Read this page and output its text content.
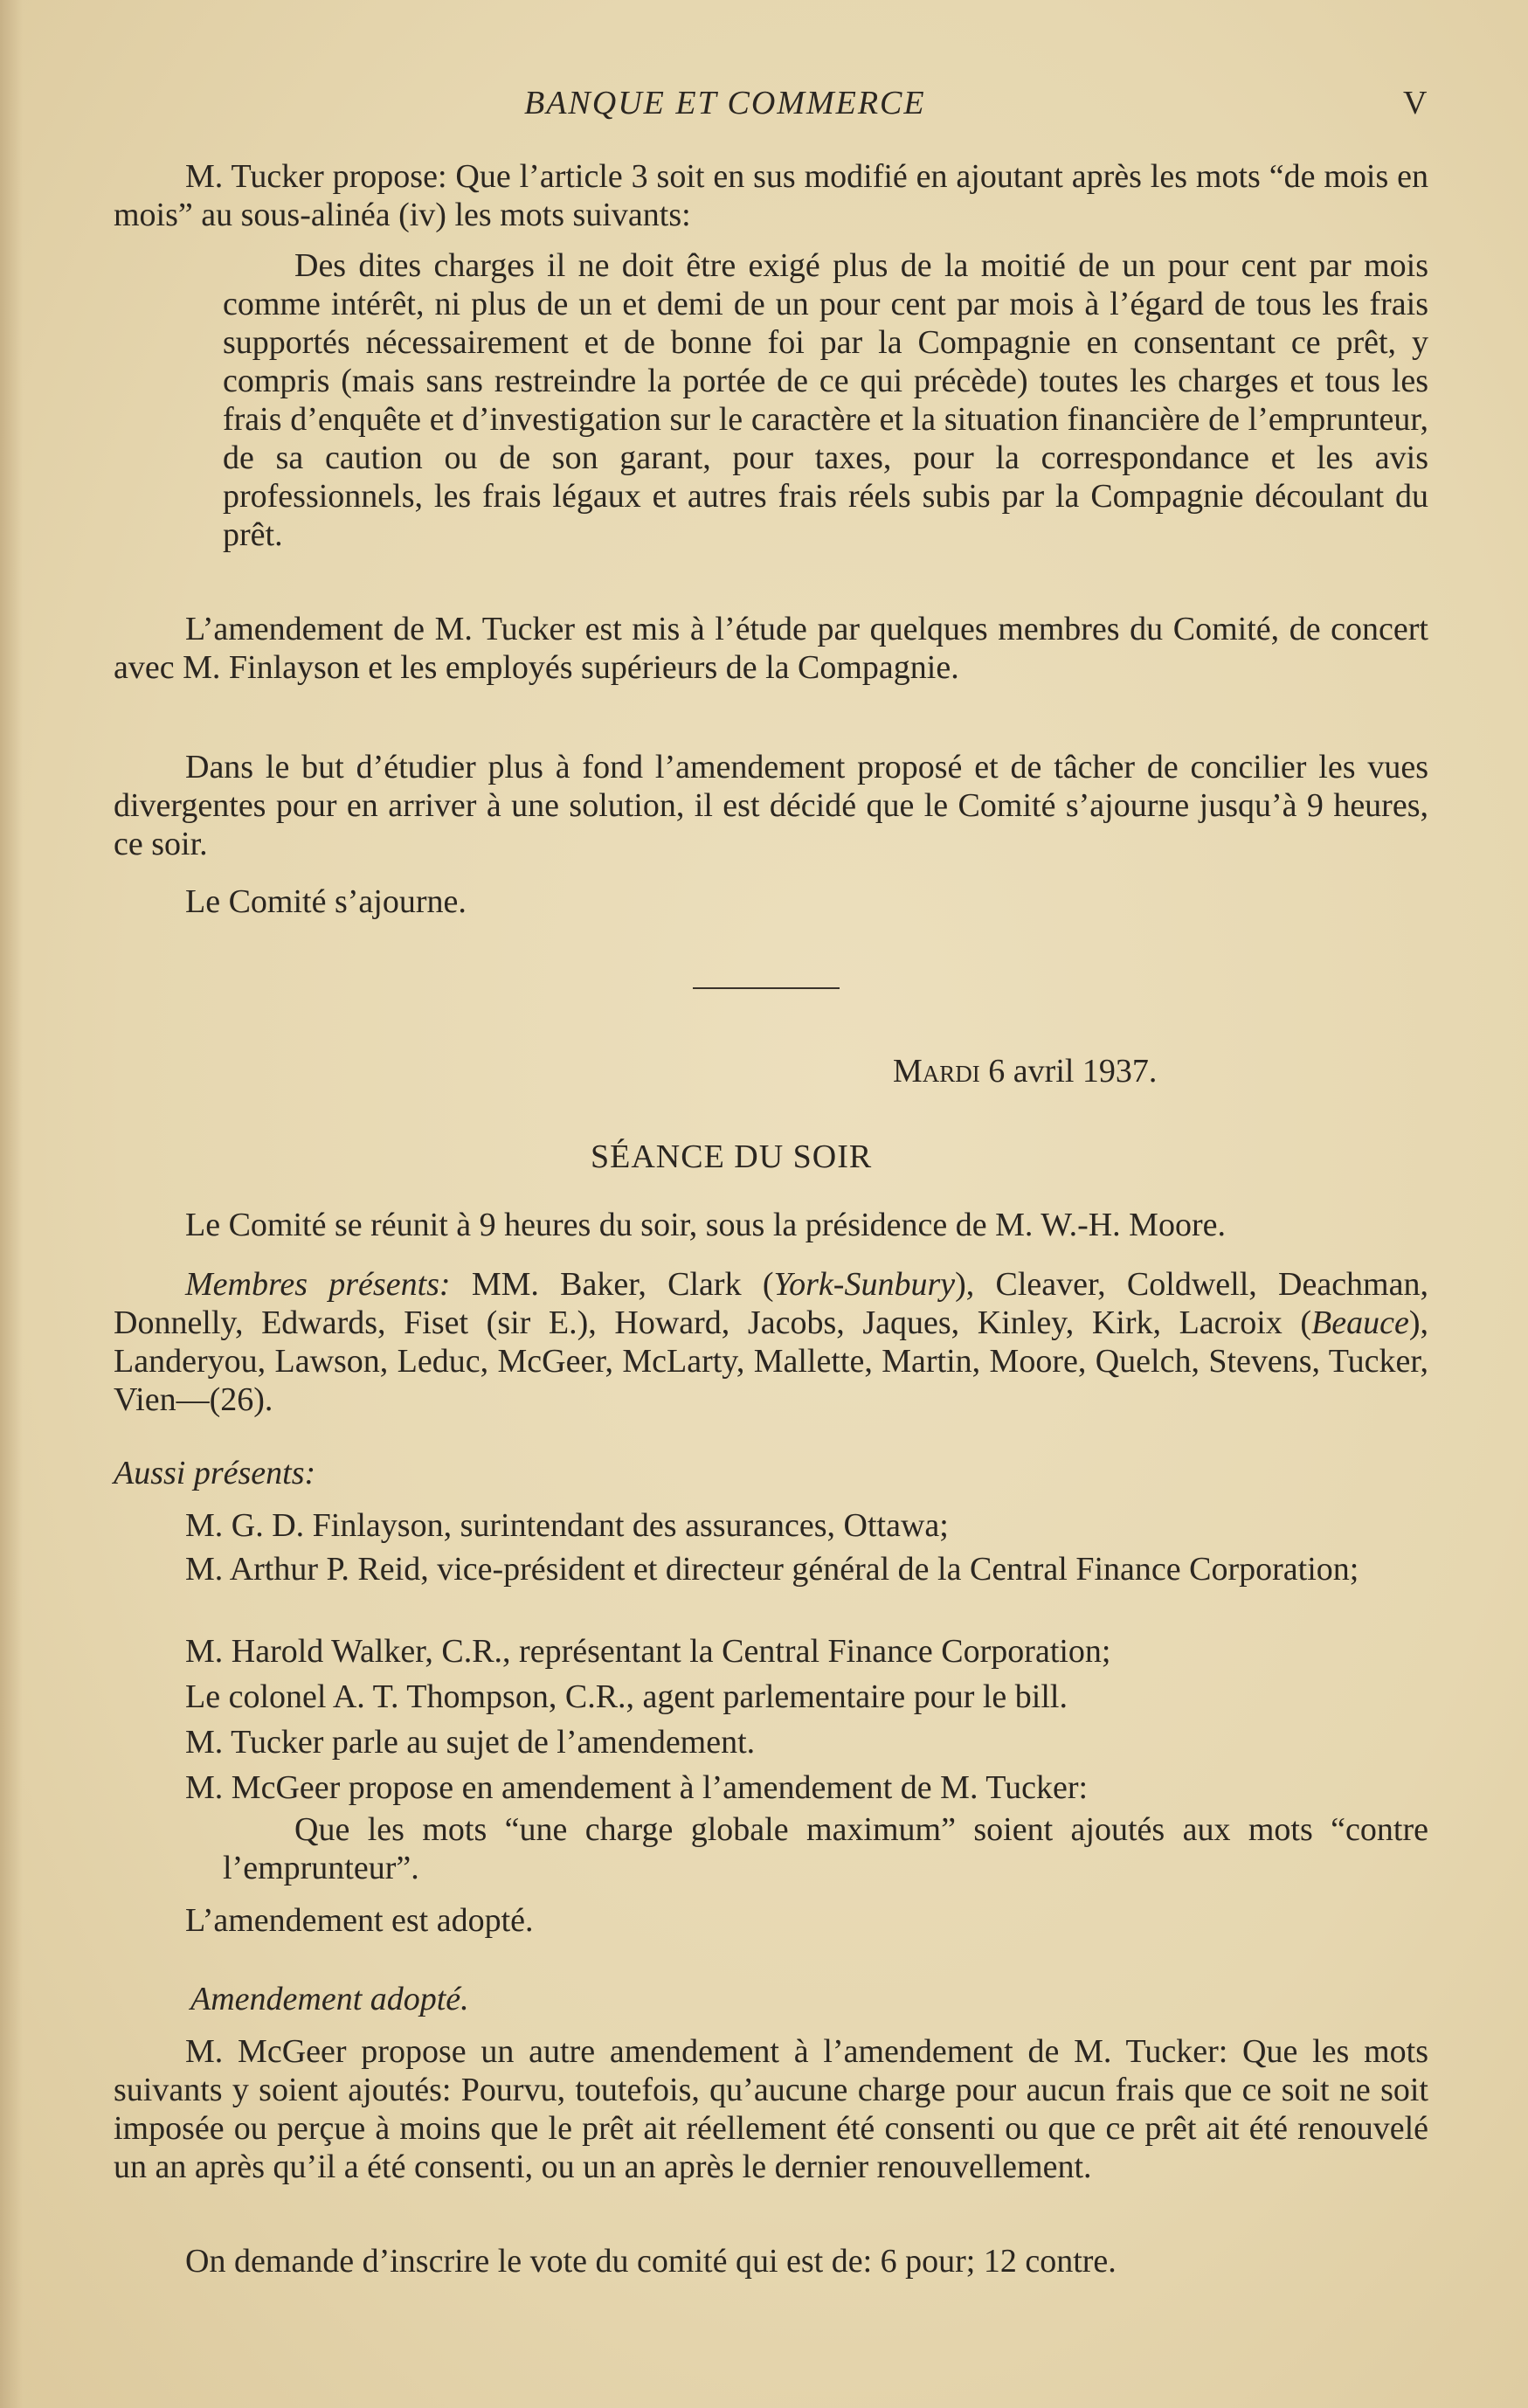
BANQUE ET COMMERCE	V
M. Tucker propose: Que l’article 3 soit en sus modifié en ajoutant après les mots “de mois en mois” au sous-alinéa (iv) les mots suivants:
Des dites charges il ne doit être exigé plus de la moitié de un pour cent par mois comme intérêt, ni plus de un et demi de un pour cent par mois à l’égard de tous les frais supportés nécessairement et de bonne foi par la Compagnie en consentant ce prêt, y compris (mais sans restreindre la portée de ce qui précède) toutes les charges et tous les frais d’enquête et d’investigation sur le caractère et la situation financière de l’emprunteur, de sa caution ou de son garant, pour taxes, pour la correspondance et les avis professionnels, les frais légaux et autres frais réels subis par la Compagnie découlant du prêt.
L’amendement de M. Tucker est mis à l’étude par quelques membres du Comité, de concert avec M. Finlayson et les employés supérieurs de la Compagnie.
Dans le but d’étudier plus à fond l’amendement proposé et de tâcher de concilier les vues divergentes pour en arriver à une solution, il est décidé que le Comité s’ajourne jusqu’à 9 heures, ce soir.
Le Comité s’ajourne.
Mardi 6 avril 1937.
SÉANCE DU SOIR
Le Comité se réunit à 9 heures du soir, sous la présidence de M. W.-H. Moore.
Membres présents: MM. Baker, Clark (York-Sunbury), Cleaver, Coldwell, Deachman, Donnelly, Edwards, Fiset (sir E.), Howard, Jacobs, Jaques, Kinley, Kirk, Lacroix (Beauce), Landeryou, Lawson, Leduc, McGeer, McLarty, Mallette, Martin, Moore, Quelch, Stevens, Tucker, Vien—(26).
Aussi présents:
M. G. D. Finlayson, surintendant des assurances, Ottawa;
M. Arthur P. Reid, vice-président et directeur général de la Central Finance Corporation;
M. Harold Walker, C.R., représentant la Central Finance Corporation;
Le colonel A. T. Thompson, C.R., agent parlementaire pour le bill.
M. Tucker parle au sujet de l’amendement.
M. McGeer propose en amendement à l’amendement de M. Tucker:
Que les mots “une charge globale maximum” soient ajoutés aux mots “contre l’emprunteur”.
L’amendement est adopté.
Amendement adopté.
M. McGeer propose un autre amendement à l’amendement de M. Tucker: Que les mots suivants y soient ajoutés: Pourvu, toutefois, qu’aucune charge pour aucun frais que ce soit ne soit imposée ou perçue à moins que le prêt ait réellement été consenti ou que ce prêt ait été renouvelé un an après qu’il a été consenti, ou un an après le dernier renouvellement.
On demande d’inscrire le vote du comité qui est de: 6 pour; 12 contre.
